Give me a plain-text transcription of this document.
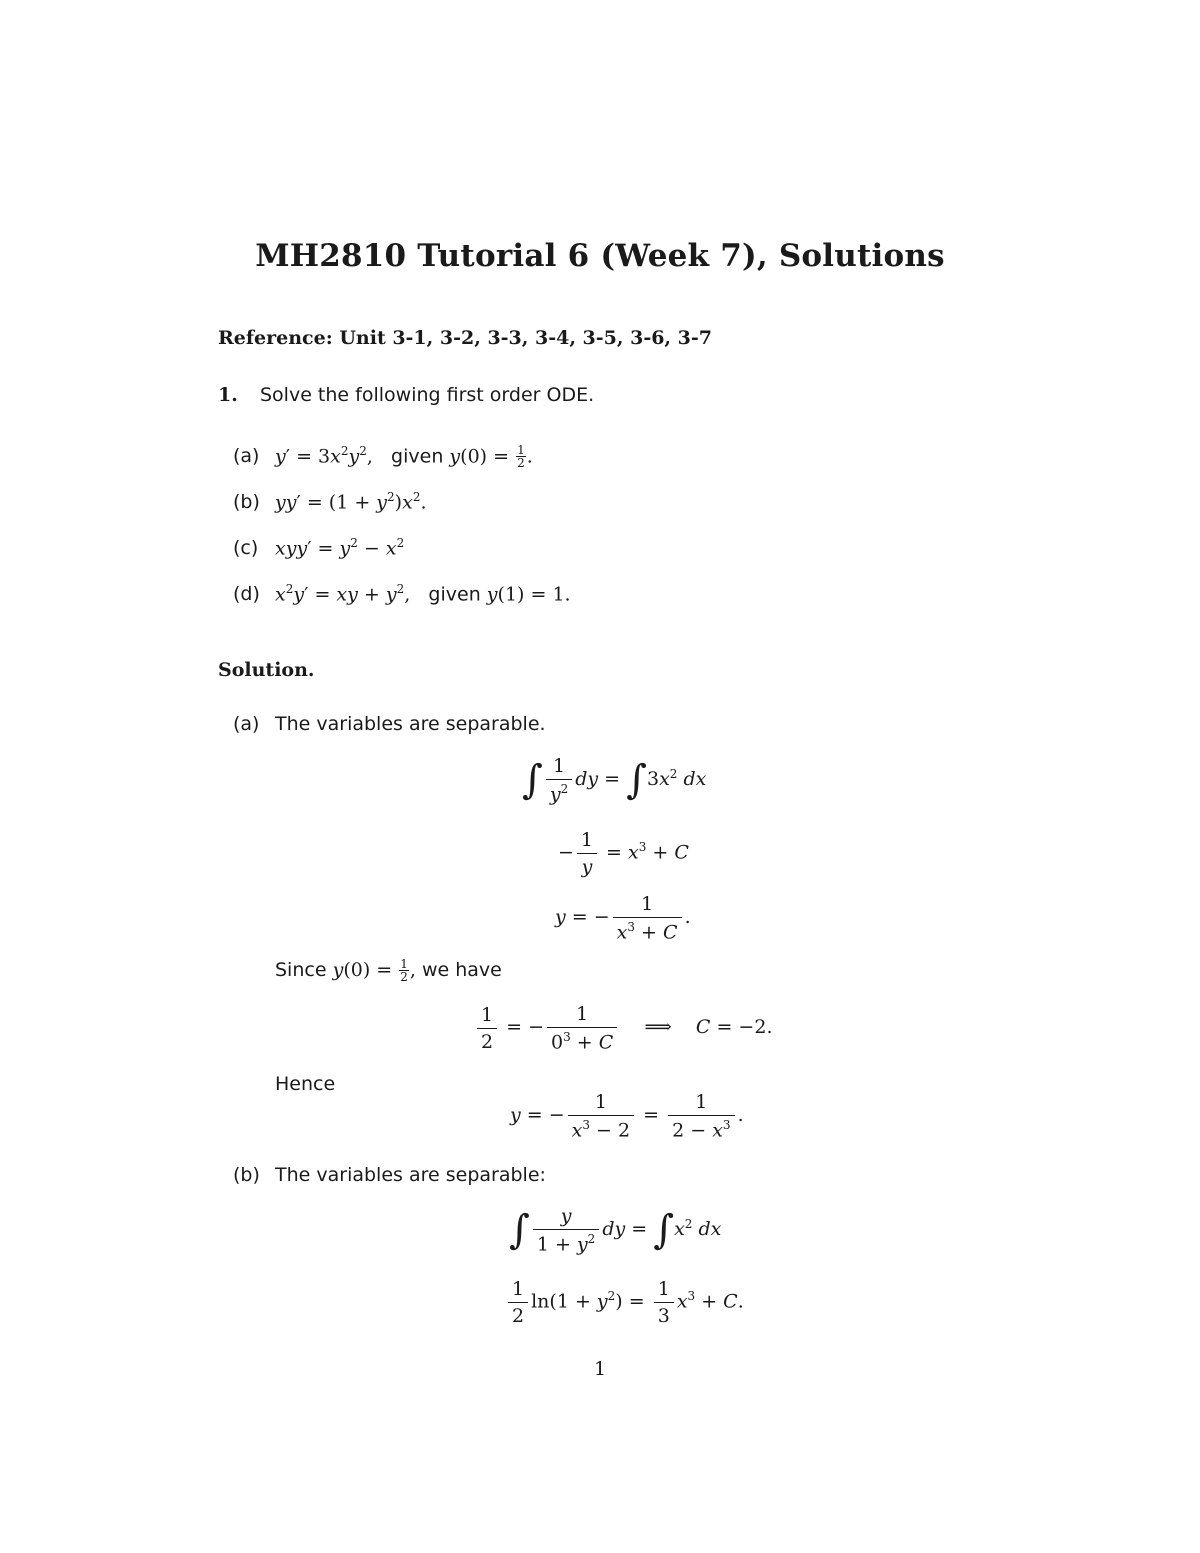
MH2810 Tutorial 6 (Week 7), Solutions
Reference: Unit 3-1, 3-2, 3-3, 3-4, 3-5, 3-6, 3-7
1. Solve the following first order ODE.
(a) $y' = 3x^2y^2$, given $y(0) = \frac{1}{2}$ .
(b) $yy' = (1 + y^2)x^2$.
(c) $xyy' = y^2 - x^2$
(d) $x^2y'$ = xy + $y^2$, given y(1) = 1.
Solution.
(a) The variables are separable.
∫ $\frac{1}{y^2}$ dy = $\int 3x^2$ dx
− $\frac{1}{y} = x^3 + C$
y = − $\frac{1}{x^3 + C}$ .
Since $y(0) = \frac{1}{2}$ , we have
$\frac{1}{2}$ = − $\frac{1}{0^3 + C}$ ⟹ C = −2.
Hence
y = − $\frac{1}{x^3 - 2} = \frac{1}{2 - x^3}$ .
(b) The variables are separable:
∫ $\frac{y}{1 + y^2}$ dy = $\int x^2$ dx
$\frac{1}{2} \ln(1 + y^2) = \frac{1}{3} x^3 + C$.
1
